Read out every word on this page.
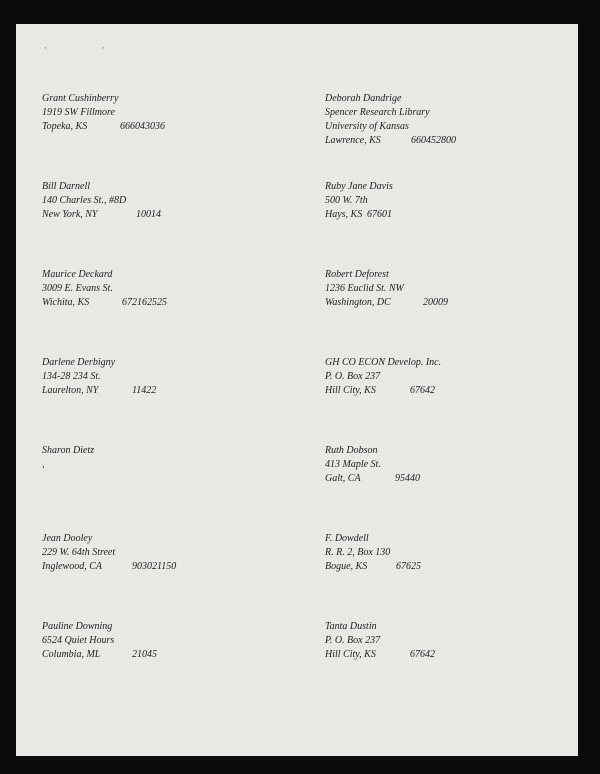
· ·
Grant Cushinberry
1919 SW Fillmore
Topeka, KS	666043036
Deborah Dandrige
Spencer Research Library
University of Kansas
Lawrence, KS	660452800
Bill Darnell
140 Charles St., #8D
New York, NY	10014
Ruby Jane Davis
500 W. 7th
Hays, KS 67601
Maurice Deckard
3009 E. Evans St.
Wichita, KS	672162525
Robert Deforest
1236 Euclid St. NW
Washington, DC	20009
Darlene Derbigny
134-28 234 St.
Laurelton, NY	11422
GH CO ECON Develop. Inc.
P. O. Box 237
Hill City, KS	67642
Sharon Dietz
,
Ruth Dobson
413 Maple St.
Galt, CA	95440
Jean Dooley
229 W. 64th Street
Inglewood, CA	903021150
F. Dowdell
R. R. 2, Box 130
Bogue, KS	67625
Pauline Downing
6524 Quiet Hours
Columbia, ML	21045
Tanta Dustin
P. O. Box 237
Hill City, KS	67642
